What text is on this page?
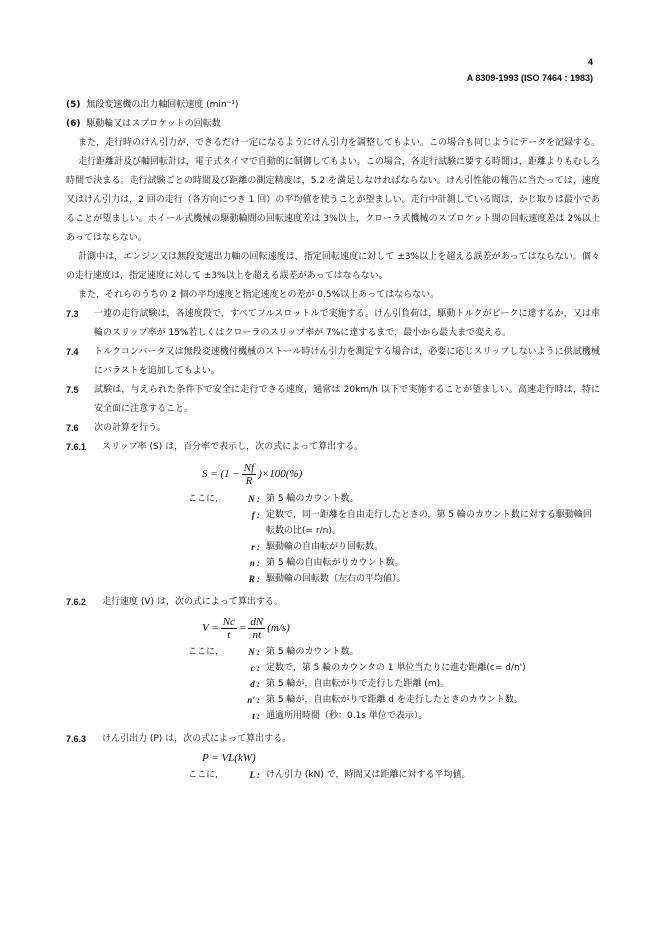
4
A 8309-1993 (ISO 7464 : 1983)

(5) 無段変速機の出力軸回転速度 (min⁻¹)

(6) 駆動輪又はスプロケットの回転数

また，走行時のけん引力が，できるだけ一定になるようにけん引力を調整してもよい。この場合も同じようにデータを記録する。

走行距離計及び軸回転計は，電子式タイマで自動的に制御してもよい。この場合，各走行試験に要する時間は，距離よりもむしろ時間で決まる。走行試験ごとの時間及び距離の測定精度は，5.2 を満足しなければならない。けん引性能の報告に当たっては，速度又はけん引力は，2 回の走行（各方向につき 1 回）の平均値を使うことが望ましい。走行中計測している間は，かじ取りは最小であることが望ましい。ホイール式機械の駆動輪間の回転速度差は 3%以上，クローラ式機械のスプロケット間の回転速度差は 2%以上あってはならない。

計測中は，エンジン又は無段変速出力軸の回転速度は，指定回転速度に対して ±3%以上を超える誤差があってはならない。個々の走行速度は，指定速度に対して ±3%以上を超える誤差があってはならない。

また，それらのうちの 2 個の平均速度と指定速度との差が 0.5%以上あってはならない。

7.3	一連の走行試験は，各速度段で，すべてフルスロットルで実施する。けん引負荷は，駆動トルクがピークに達するか，又は車輪のスリップ率が 15%若しくはクローラのスリップ率が 7%に達するまで，最小から最大まで変える。
7.4	トルクコンバータ又は無段変速機付機械のストール時けん引力を測定する場合は，必要に応じスリップしないように供試機械にバラストを追加してもよい。
7.5	試験は，与えられた条件下で安全に走行できる速度，通常は 20km/h 以下で実施することが望ましい。高速走行時は，特に安全面に注意すること。
7.6	次の計算を行う。
7.6.1	スリップ率 (S) は，百分率で表示し，次の式によって算出する。
S =
$(1 - \frac{Nf}{R} )\times 100(\%)$
ここに，	N : 第 5 輪のカウント数。
f : 定数で，同一距離を自由走行したときの，第 5 輪のカウント数に対する駆動輪回転数の比(= r/n)。
r : 駆動輪の自由転がり回転数。
n : 第 5 輪の自由転がりカウント数。
R : 駆動輪の回転数（左右の平均値）。
7.6.2	走行速度 (V) は，次の式によって算出する。
$V = \frac{Nc}{t} = \frac{dN}{nt} (m/s)$
ここに，	N : 第 5 輪のカウント数。
c : 定数で，第 5 輪のカウンタの 1 単位当たりに進む距離(c= d/n')
d : 第 5 輪が，自由転がりで走行した距離 (m)。
n' : 第 5 輪が，自由転がりで距離 d を走行したときのカウント数。
t : 通過所用時間（秒：0.1s 単位で表示）。
7.6.3	けん引出力 (P) は，次の式によって算出する。
P = VL(kW)
ここに，	L : けん引力 (kN) で，時間又は距離に対する平均値。
